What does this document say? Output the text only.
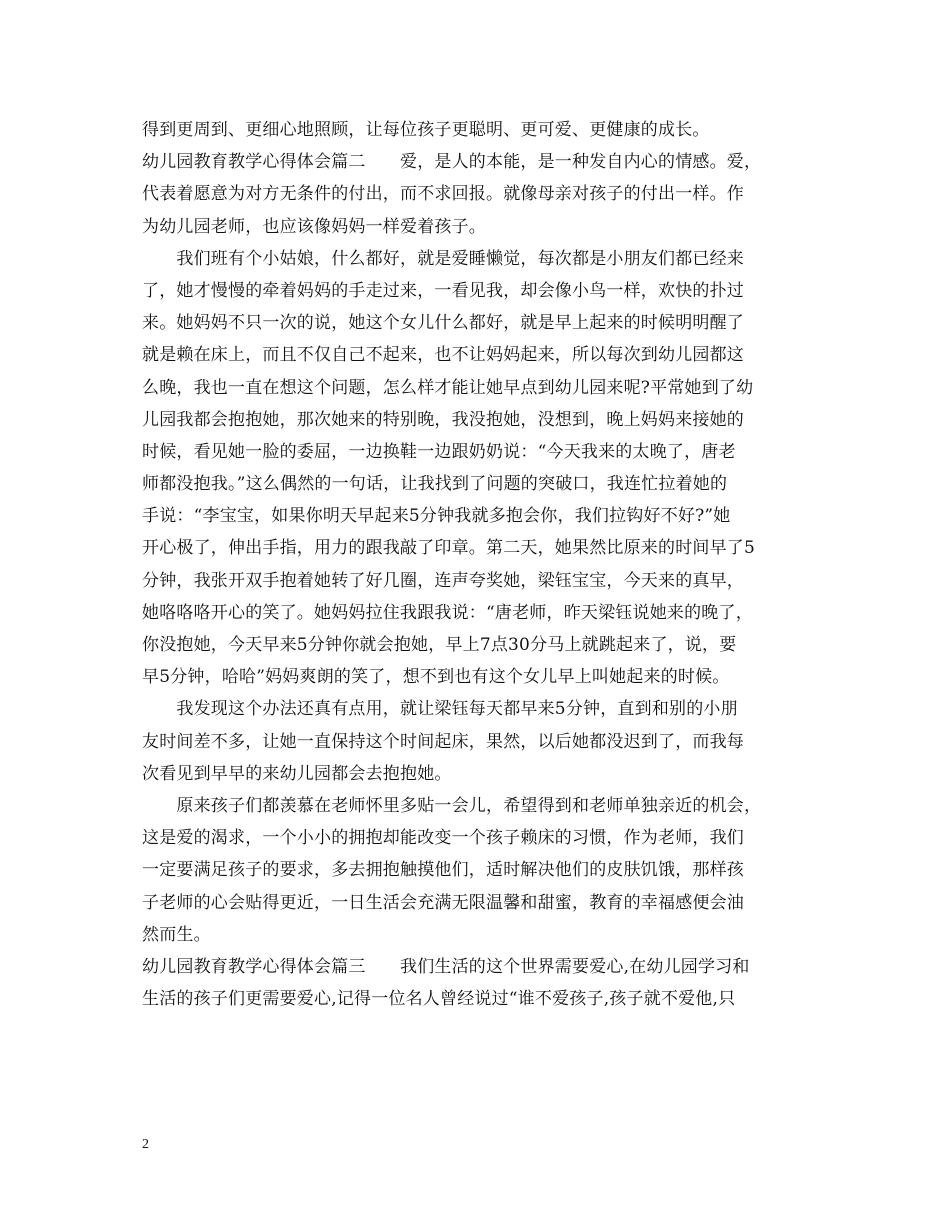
得到更周到、更细心地照顾，让每位孩子更聪明、更可爱、更健康的成长。
幼儿园教育教学心得体会篇二　　爱，是人的本能，是一种发自内心的情感。爱，
代表着愿意为对方无条件的付出，而不求回报。就像母亲对孩子的付出一样。作
为幼儿园老师，也应该像妈妈一样爱着孩子。
　　我们班有个小姑娘，什么都好，就是爱睡懒觉，每次都是小朋友们都已经来
了，她才慢慢的牵着妈妈的手走过来，一看见我，却会像小鸟一样，欢快的扑过
来。她妈妈不只一次的说，她这个女儿什么都好，就是早上起来的时候明明醒了
就是赖在床上，而且不仅自己不起来，也不让妈妈起来，所以每次到幼儿园都这
么晚，我也一直在想这个问题，怎么样才能让她早点到幼儿园来呢?平常她到了幼
儿园我都会抱抱她，那次她来的特别晚，我没抱她，没想到，晚上妈妈来接她的
时候，看见她一脸的委屈，一边换鞋一边跟奶奶说：“今天我来的太晚了，唐老
师都没抱我。”这么偶然的一句话，让我找到了问题的突破口，我连忙拉着她的
手说：“李宝宝，如果你明天早起来5分钟我就多抱会你，我们拉钩好不好?”她
开心极了，伸出手指，用力的跟我敲了印章。第二天，她果然比原来的时间早了5
分钟，我张开双手抱着她转了好几圈，连声夸奖她，梁钰宝宝，今天来的真早，
她咯咯咯开心的笑了。她妈妈拉住我跟我说：“唐老师，昨天梁钰说她来的晚了，
你没抱她，今天早来5分钟你就会抱她，早上7点30分马上就跳起来了，说，要
早5分钟，哈哈”妈妈爽朗的笑了，想不到也有这个女儿早上叫她起来的时候。
　　我发现这个办法还真有点用，就让梁钰每天都早来5分钟，直到和别的小朋
友时间差不多，让她一直保持这个时间起床，果然，以后她都没迟到了，而我每
次看见到早早的来幼儿园都会去抱抱她。
　　原来孩子们都羡慕在老师怀里多贴一会儿，希望得到和老师单独亲近的机会，
这是爱的渴求，一个小小的拥抱却能改变一个孩子赖床的习惯，作为老师，我们
一定要满足孩子的要求，多去拥抱触摸他们，适时解决他们的皮肤饥饿，那样孩
子老师的心会贴得更近，一日生活会充满无限温馨和甜蜜，教育的幸福感便会油
然而生。
幼儿园教育教学心得体会篇三　　我们生活的这个世界需要爱心,在幼儿园学习和
生活的孩子们更需要爱心,记得一位名人曾经说过“谁不爱孩子,孩子就不爱他,只
2
